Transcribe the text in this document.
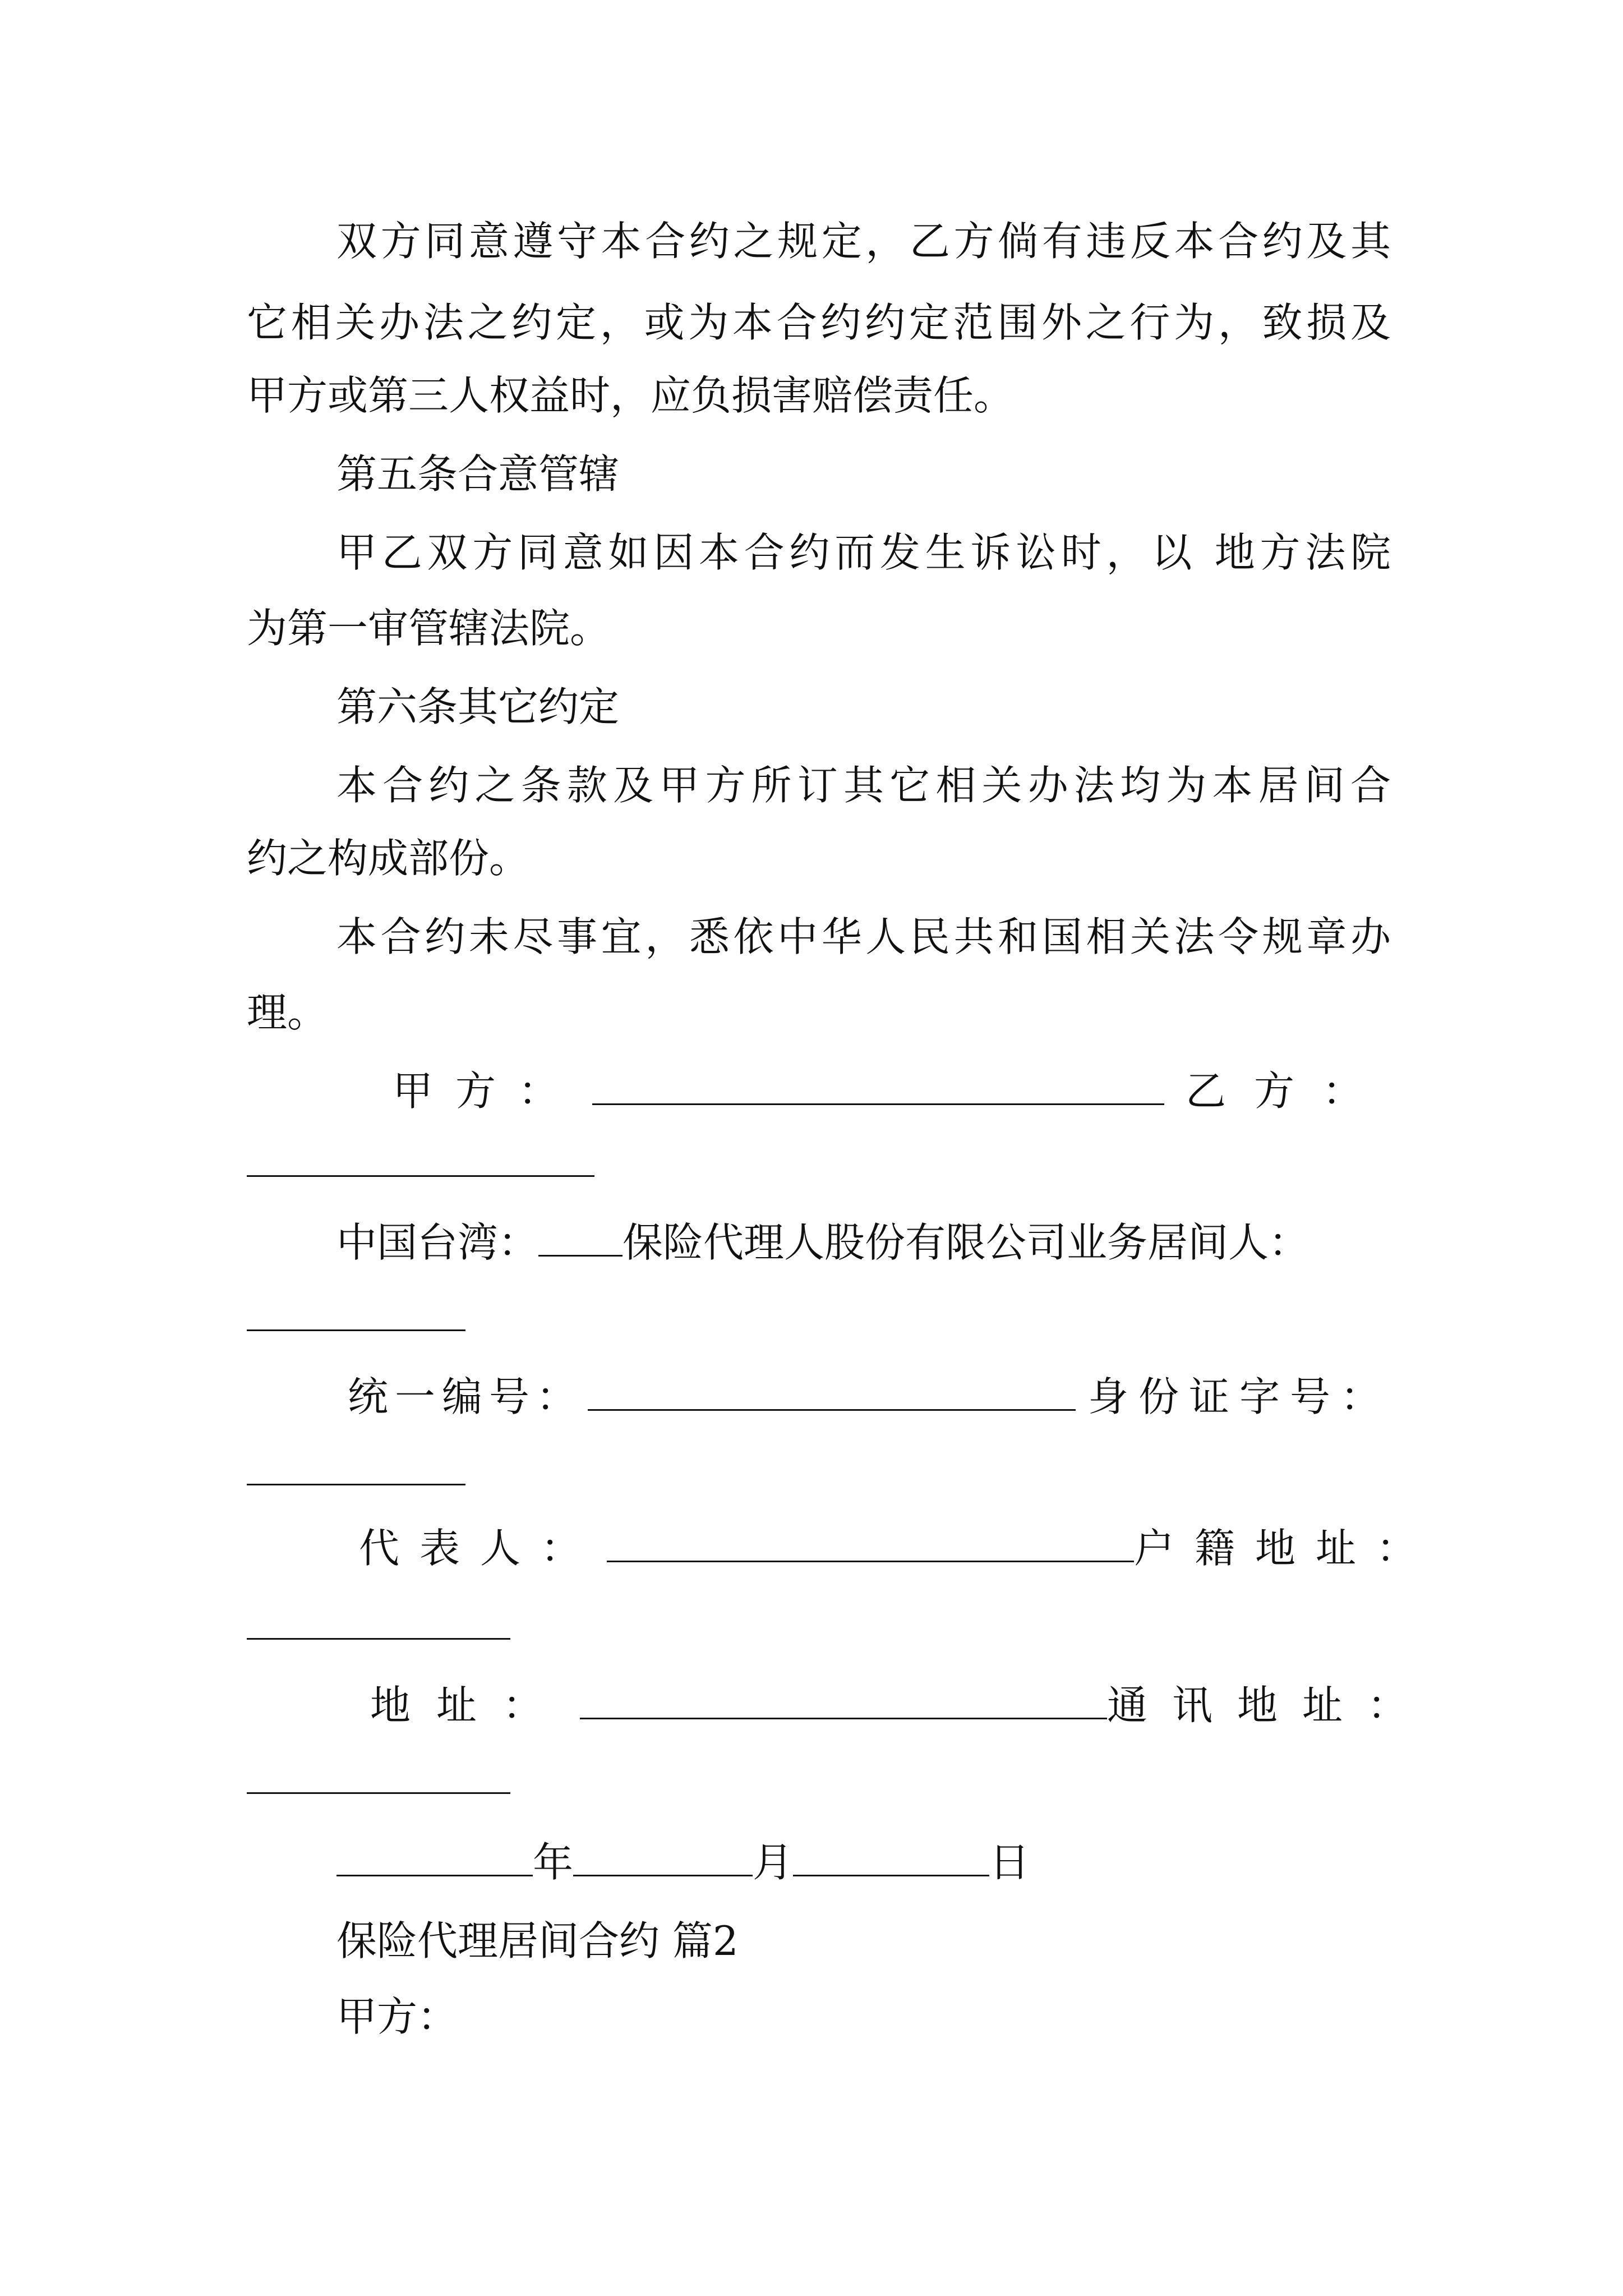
双方同意遵守本合约之规定，乙方倘有违反本合约及其

它相关办法之约定，或为本合约约定范围外之行为，致损及

甲方或第三人权益时，应负损害赔偿责任。

第五条合意管辖

甲乙双方同意如因本合约而发生诉讼时，以 地方法院

为第一审管辖法院。

第六条其它约定

本合约之条款及甲方所订其它相关办法均为本居间合

约之构成部份。

本合约未尽事宜，悉依中华人民共和国相关法令规章办

理。

甲方：	乙方：
中国台湾： 保险代理人股份有限公司业务居间人：
统一编号：	身份证字号：
代表人：	户籍地址：
地址：	通讯地址：
年	月	日

保险代理居间合约 篇2

甲方：
